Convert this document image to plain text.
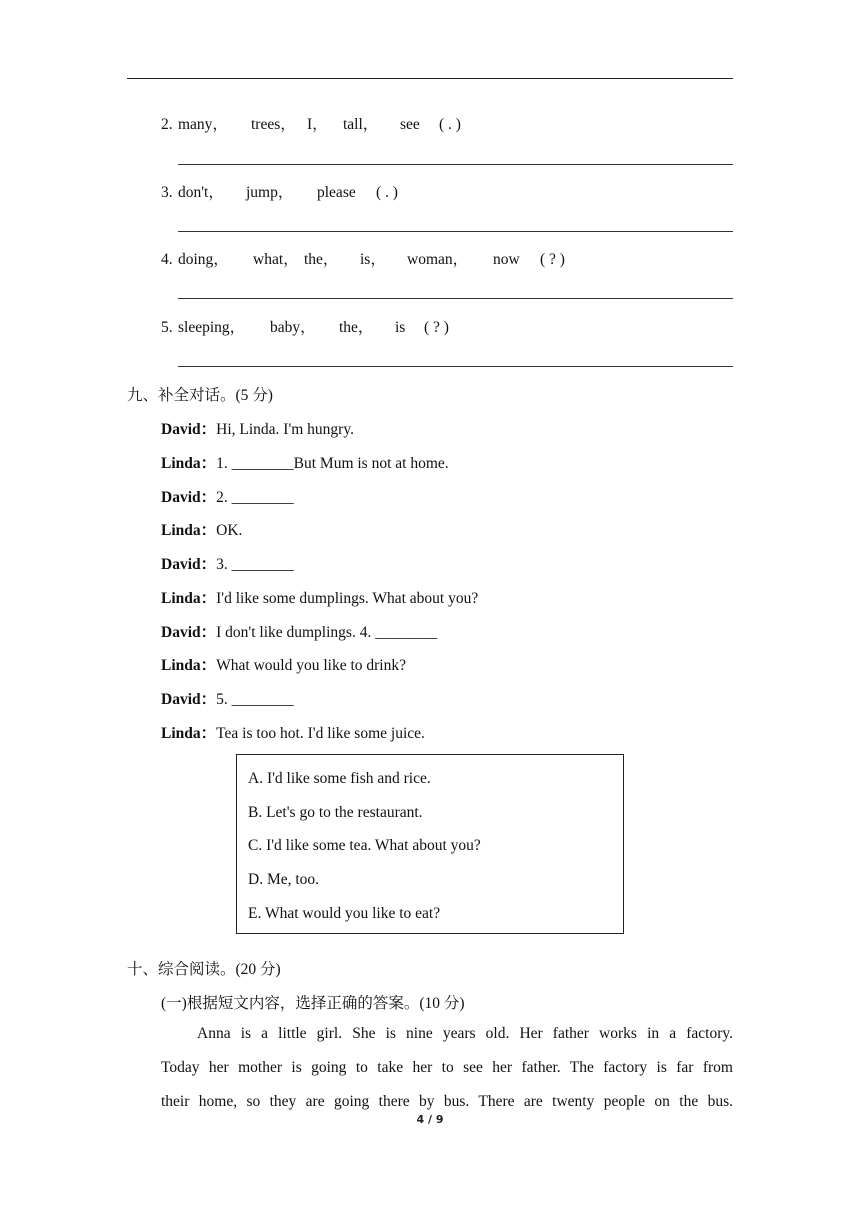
2. many，	trees， I， tall，	see	( . )
3. don't，	jump，	please	( . )
4. doing，	what， the，	is，	woman，	now	( ? )
5. sleeping，	baby，	the，	is	( ? )
九、补全对话。(5 分)
David：Hi, Linda. I'm hungry.
Linda：1. ________But Mum is not at home.
David：2. ________
Linda：OK.
David：3. ________
Linda：I'd like some dumplings. What about you?
David：I don't like dumplings. 4. ________
Linda：What would you like to drink?
David：5. ________
Linda：Tea is too hot. I'd like some juice.
A. I'd like some fish and rice.
B. Let's go to the restaurant.
C. I'd like some tea. What about you?
D. Me, too.
E. What would you like to eat?
十、综合阅读。(20 分)
(一)根据短文内容，选择正确的答案。(10 分)
Anna is a little girl. She is nine years old. Her father works in a factory.
Today her mother is going to take her to see her father. The factory is far from
their home, so they are going there by bus. There are twenty people on the bus.
4 / 9
